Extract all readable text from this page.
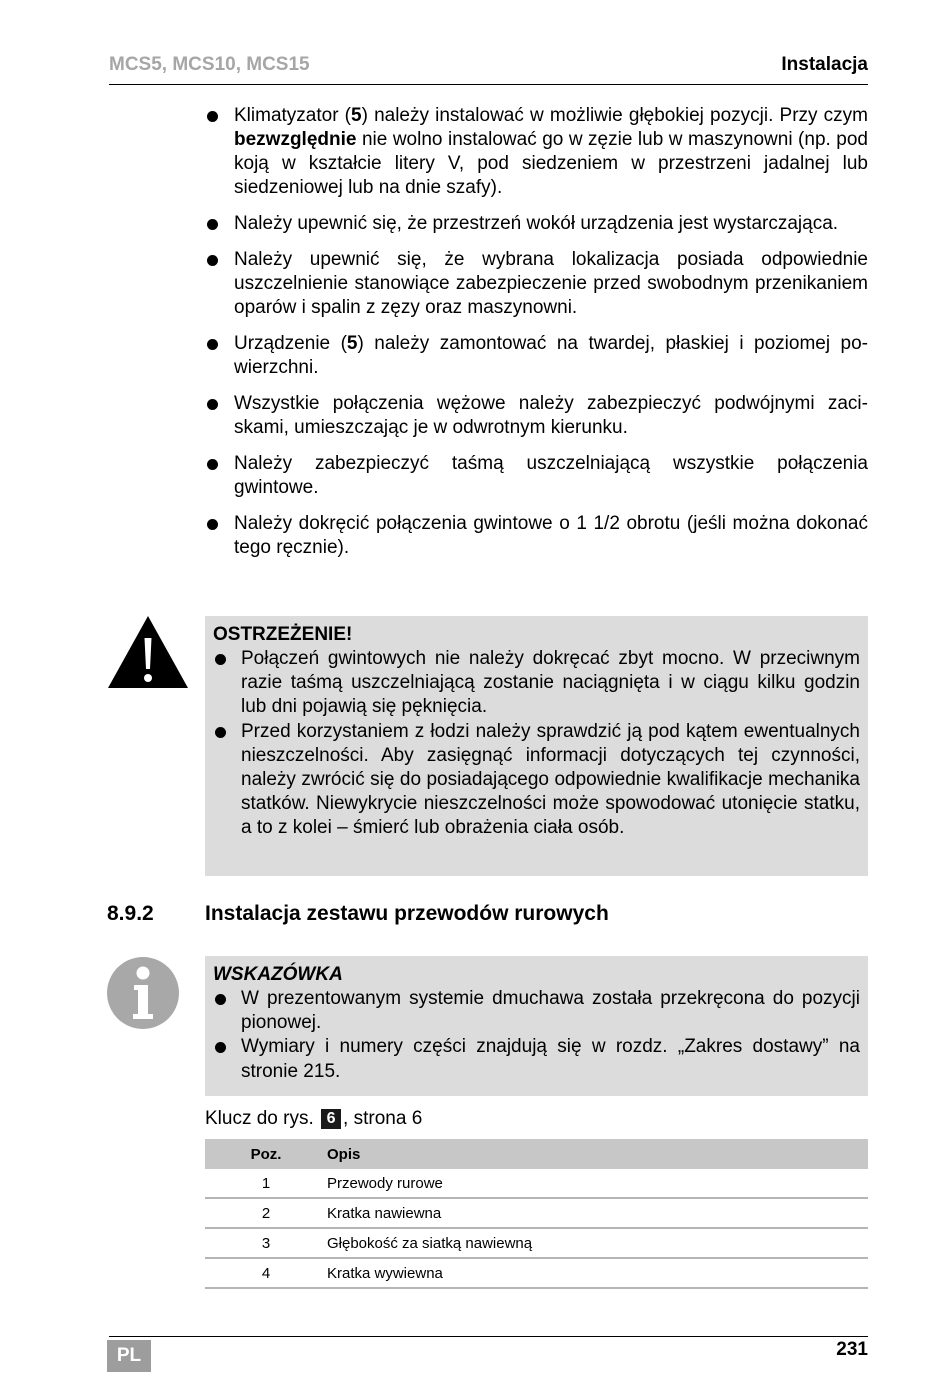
MCS5, MCS10, MCS15	Instalacja
Klimatyzator (5) należy instalować w możliwie głębokiej pozycji. Przy czym bezwzględnie nie wolno instalować go w zęzie lub w maszynowni (np. pod koją w kształcie litery V, pod siedzeniem w przestrzeni jadalnej lub siedzeniowej lub na dnie szafy).
Należy upewnić się, że przestrzeń wokół urządzenia jest wystarczająca.
Należy upewnić się, że wybrana lokalizacja posiada odpowiednie uszczelnienie stanowiące zabezpieczenie przed swobodnym przenikaniem oparów i spalin z zęzy oraz maszynowni.
Urządzenie (5) należy zamontować na twardej, płaskiej i poziomej powierzchni.
Wszystkie połączenia wężowe należy zabezpieczyć podwójnymi zaciskami, umieszczając je w odwrotnym kierunku.
Należy zabezpieczyć taśmą uszczelniającą wszystkie połączenia gwintowe.
Należy dokręcić połączenia gwintowe o 1 1/2 obrotu (jeśli można dokonać tego ręcznie).
OSTRZEŻENIE!
Połączeń gwintowych nie należy dokręcać zbyt mocno. W przeciwnym razie taśmą uszczelniającą zostanie naciągnięta i w ciągu kilku godzin lub dni pojawią się pęknięcia.
Przed korzystaniem z łodzi należy sprawdzić ją pod kątem ewentualnych nieszczelności. Aby zasięgnąć informacji dotyczących tej czynności, należy zwrócić się do posiadającego odpowiednie kwalifikacje mechanika statków. Niewykrycie nieszczelności może spowodować utonięcie statku, a to z kolei – śmierć lub obrażenia ciała osób.
8.9.2 Instalacja zestawu przewodów rurowych
WSKAZÓWKA
W prezentowanym systemie dmuchawa została przekręcona do pozycji pionowej.
Wymiary i numery części znajdują się w rozdz. „Zakres dostawy” na stronie 215.
Klucz do rys. 6 , strona 6
Poz.	Opis
1	Przewody rurowe
2	Kratka nawiewna
3	Głębokość za siatką nawiewną
4	Kratka wywiewna
PL	231
